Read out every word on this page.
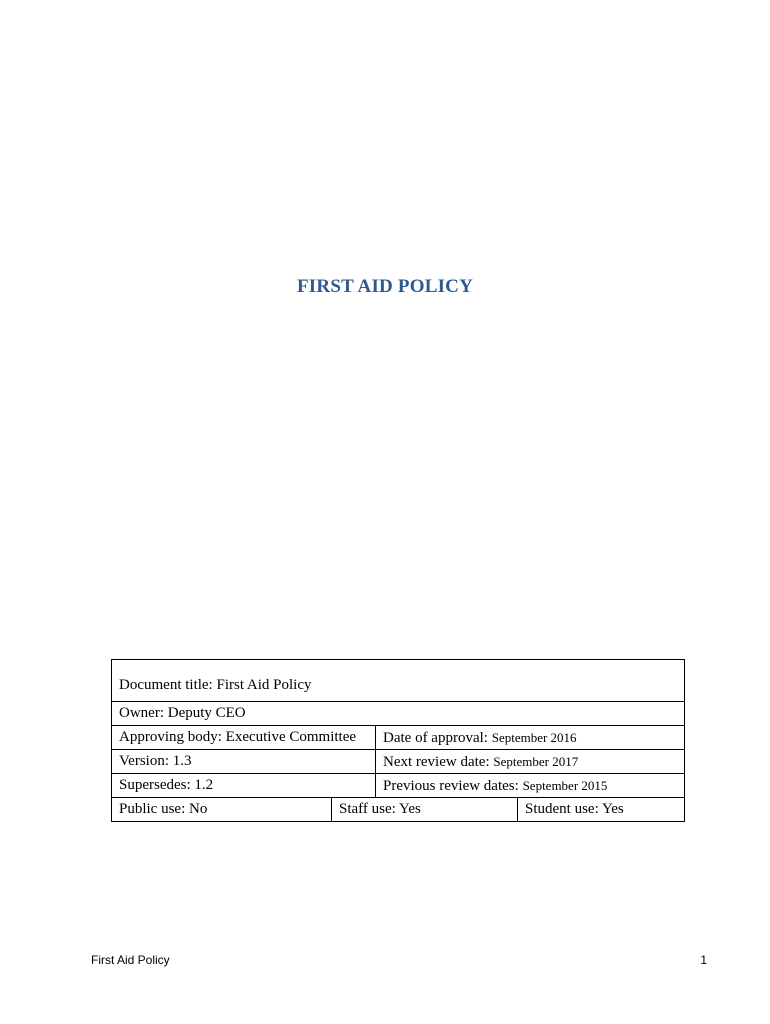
FIRST AID POLICY
Document title: First Aid Policy
Owner: Deputy CEO
Approving body: Executive Committee	Date of approval: September 2016
Version: 1.3	Next review date: September 2017
Supersedes: 1.2	Previous review dates: September 2015
Public use: No	Staff use: Yes	Student use: Yes
First Aid Policy	1
